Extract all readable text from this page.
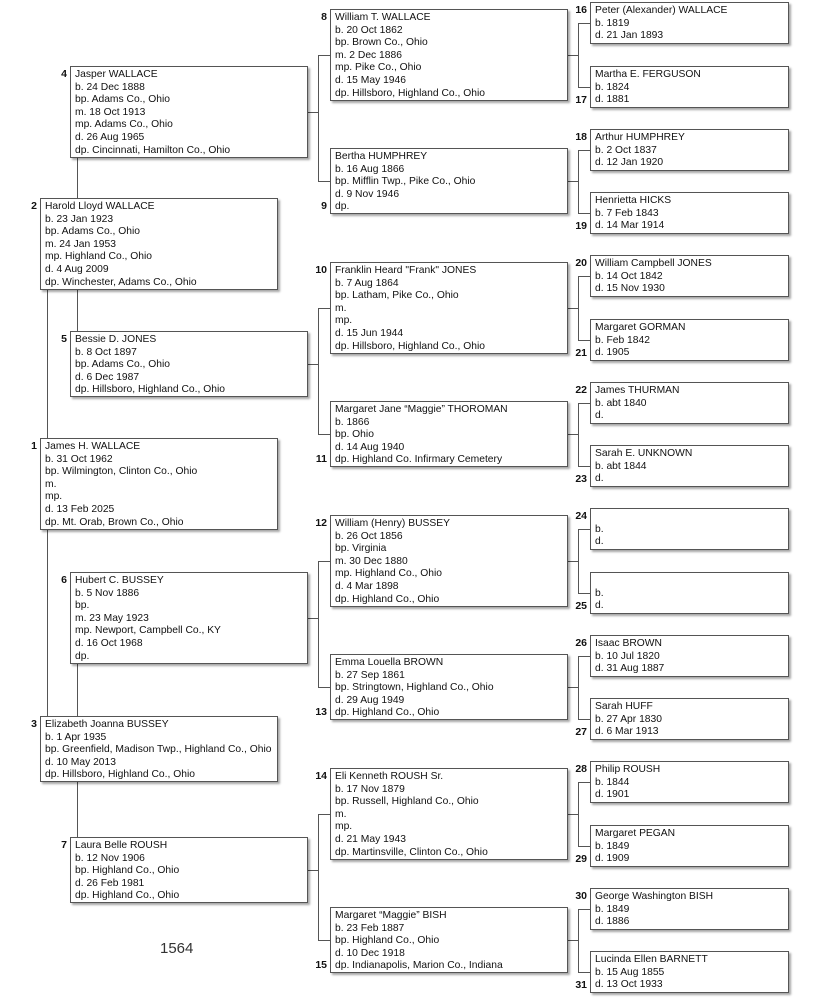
James H. WALLACE
b. 31 Oct 1962
bp. Wilmington, Clinton Co., Ohio
m.
mp.
d. 13 Feb 2025
dp. Mt. Orab, Brown Co., Ohio
1
Harold Lloyd WALLACE
b. 23 Jan 1923
bp. Adams Co., Ohio
m. 24 Jan 1953
mp. Highland Co., Ohio
d. 4 Aug 2009
dp. Winchester, Adams Co., Ohio
2
Elizabeth Joanna BUSSEY
b. 1 Apr 1935
bp. Greenfield, Madison Twp., Highland Co., Ohio
d. 10 May 2013
dp. Hillsboro, Highland Co., Ohio
3
Jasper WALLACE
b. 24 Dec 1888
bp. Adams Co., Ohio
m. 18 Oct 1913
mp. Adams Co., Ohio
d. 26 Aug 1965
dp. Cincinnati, Hamilton Co., Ohio
4
Bessie D. JONES
b. 8 Oct 1897
bp. Adams Co., Ohio
d. 6 Dec 1987
dp. Hillsboro, Highland Co., Ohio
5
Hubert C. BUSSEY
b. 5 Nov 1886
bp.
m. 23 May 1923
mp. Newport, Campbell Co., KY
d. 16 Oct 1968
dp.
6
Laura Belle ROUSH
b. 12 Nov 1906
bp. Highland Co., Ohio
d. 26 Feb 1981
dp. Highland Co., Ohio
7
William T. WALLACE
b. 20 Oct 1862
bp. Brown Co., Ohio
m. 2 Dec 1886
mp. Pike Co., Ohio
d. 15 May 1946
dp. Hillsboro, Highland Co., Ohio
8
Bertha HUMPHREY
b. 16 Aug 1866
bp. Mifflin Twp., Pike Co., Ohio
d. 9 Nov 1946
dp.
9
Franklin Heard "Frank" JONES
b. 7 Aug 1864
bp. Latham, Pike Co., Ohio
m.
mp.
d. 15 Jun 1944
dp. Hillsboro, Highland Co., Ohio
10
Margaret Jane “Maggie” THOROMAN
b. 1866
bp. Ohio
d. 14 Aug 1940
dp. Highland Co. Infirmary Cemetery
11
William (Henry) BUSSEY
b. 26 Oct 1856
bp. Virginia
m. 30 Dec 1880
mp. Highland Co., Ohio
d. 4 Mar 1898
dp. Highland Co., Ohio
12
Emma Louella BROWN
b. 27 Sep 1861
bp. Stringtown, Highland Co., Ohio
d. 29 Aug 1949
dp. Highland Co., Ohio
13
Eli Kenneth ROUSH Sr.
b. 17 Nov 1879
bp. Russell, Highland Co., Ohio
m.
mp.
d. 21 May 1943
dp. Martinsville, Clinton Co., Ohio
14
Margaret “Maggie” BISH
b. 23 Feb 1887
bp. Highland Co., Ohio
d. 10 Dec 1918
dp. Indianapolis, Marion Co., Indiana
15
Peter (Alexander) WALLACE
b. 1819
d. 21 Jan 1893
16
Martha E. FERGUSON
b. 1824
d. 1881
17
Arthur HUMPHREY
b. 2 Oct 1837
d. 12 Jan 1920
18
Henrietta HICKS
b. 7 Feb 1843
d. 14 Mar 1914
19
William Campbell JONES
b. 14 Oct 1842
d. 15 Nov 1930
20
Margaret GORMAN
b. Feb 1842
d. 1905
21
James THURMAN
b. abt 1840
d.
22
Sarah E. UNKNOWN
b. abt 1844
d.
23

b.
d.
24

b.
d.
25
Isaac BROWN
b. 10 Jul 1820
d. 31 Aug 1887
26
Sarah HUFF
b. 27 Apr 1830
d. 6 Mar 1913
27
Philip ROUSH
b. 1844
d. 1901
28
Margaret PEGAN
b. 1849
d. 1909
29
George Washington BISH
b. 1849
d. 1886
30
Lucinda Ellen BARNETT
b. 15 Aug 1855
d. 13 Oct 1933
31
1564
